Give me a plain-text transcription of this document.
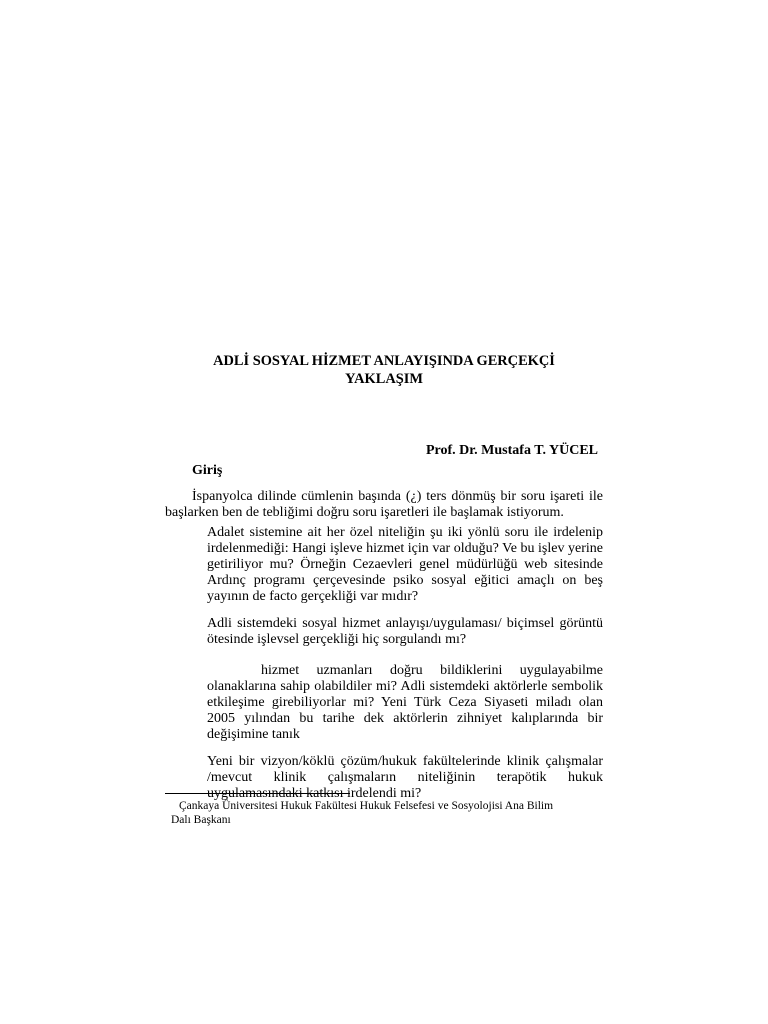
ADLİ SOSYAL HİZMET ANLAYIŞINDA GERÇEKÇİ
YAKLAŞIM
Prof. Dr. Mustafa T. YÜCEL
Giriş
İspanyolca dilinde cümlenin başında (¿) ters dönmüş bir soru işareti ile başlarken ben de tebliğimi doğru soru işaretleri ile başlamak istiyorum.

Adalet sistemine ait her özel niteliğin şu iki yönlü soru ile irdelenip irdelenmediği: Hangi işleve hizmet için var olduğu? Ve bu işlev yerine getiriliyor mu? Örneğin Cezaevleri genel müdürlüğü web sitesinde Ardınç programı çerçevesinde psiko sosyal eğitici amaçlı on beş yayının de facto gerçekliği var mıdır?

Adli sistemdeki sosyal hizmet anlayışı/uygulaması/ biçimsel görüntü ötesinde işlevsel gerçekliği hiç sorgulandı mı?

hizmet uzmanları doğru bildiklerini uygulayabilme olanaklarına sahip olabildiler mi? Adli sistemdeki aktörlerle sembolik etkileşime girebiliyorlar mi? Yeni Türk Ceza Siyaseti miladı olan 2005 yılından bu tarihe dek aktörlerin zihniyet kalıplarında bir değişimine tanık

Yeni bir vizyon/köklü çözüm/hukuk fakültelerinde klinik çalışmalar /mevcut klinik çalışmaların niteliğinin terapötik hukuk uygulamasındaki katkısı irdelendi mi?

Çankaya Üniversitesi Hukuk Fakültesi Hukuk Felsefesi ve Sosyolojisi Ana Bilim
Dalı Başkanı
